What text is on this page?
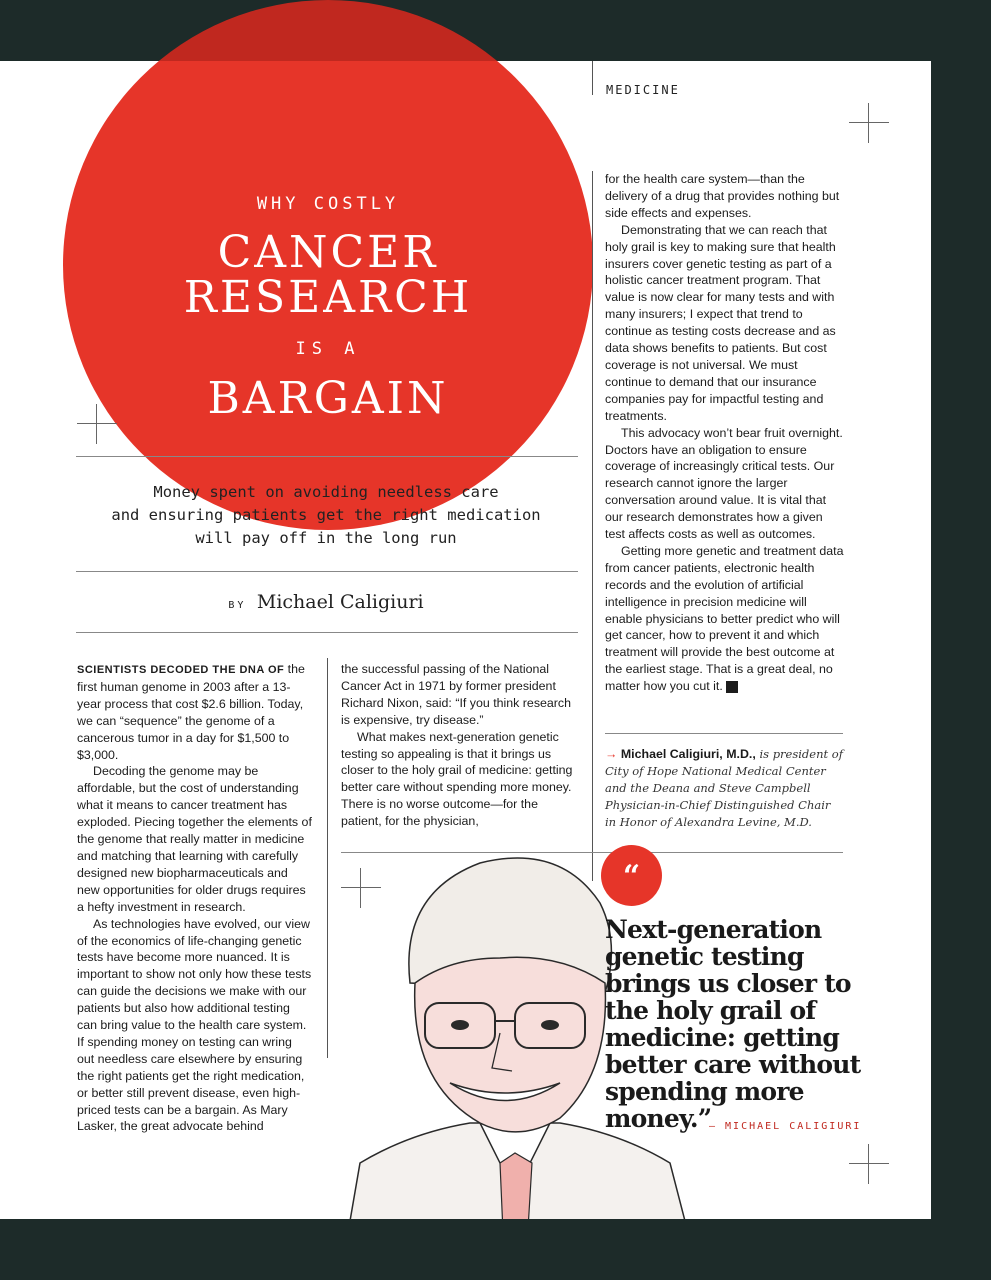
WHY COSTLY
CANCER
RESEARCH
IS A
BARGAIN
MEDICINE
Money spent on avoiding needless care
and ensuring patients get the right medication
will pay off in the long run
BY Michael Caligiuri

SCIENTISTS DECODED THE DNA OF the first human genome in 2003 after a 13-year process that cost $2.6 billion. Today, we can “sequence” the genome of a cancerous tumor in a day for $1,500 to $3,000.

Decoding the genome may be affordable, but the cost of understanding what it means to cancer treatment has exploded. Piecing together the elements of the genome that really matter in medicine and matching that learning with carefully designed new biopharmaceuticals and new opportunities for older drugs requires a hefty investment in research.

As technologies have evolved, our view of the economics of life-changing genetic tests have become more nuanced. It is important to show not only how these tests can guide the decisions we make with our patients but also how additional testing can bring value to the health care system. If spending money on testing can wring out needless care elsewhere by ensuring the right patients get the right medication, or better still prevent disease, even high-priced tests can be a bargain. As Mary Lasker, the great advocate behind

the successful passing of the National Cancer Act in 1971 by former president Richard Nixon, said: “If you think research is expensive, try disease.”

What makes next-generation genetic testing so appealing is that it brings us closer to the holy grail of medicine: getting better care without spending more money. There is no worse outcome—for the patient, for the physician,

for the health care system—than the delivery of a drug that provides nothing but side effects and expenses.

Demonstrating that we can reach that holy grail is key to making sure that health insurers cover genetic testing as part of a holistic cancer treatment program. That value is now clear for many tests and with many insurers; I expect that trend to continue as testing costs decrease and as data shows benefits to patients. But cost coverage is not universal. We must continue to demand that our insurance companies pay for impactful testing and treatments.

This advocacy won’t bear fruit overnight. Doctors have an obligation to ensure coverage of increasingly critical tests. Our research cannot ignore the larger conversation around value. It is vital that our research demonstrates how a given test affects costs as well as outcomes.

Getting more genetic and treatment data from cancer patients, electronic health records and the evolution of artificial intelligence in precision medicine will enable physicians to better predict who will get cancer, how to prevent it and which treatment will provide the best outcome at the earliest stage. That is a great deal, no matter how you cut it. N

→ Michael Caligiuri, M.D., is president of City of Hope National Medical Center and the Deana and Steve Campbell Physician-in-Chief Distinguished Chair in Honor of Alexandra Levine, M.D.
“
Next-generation genetic testing brings us closer to the holy grail of medicine: getting better care without spending more money.”
— MICHAEL CALIGIURI
